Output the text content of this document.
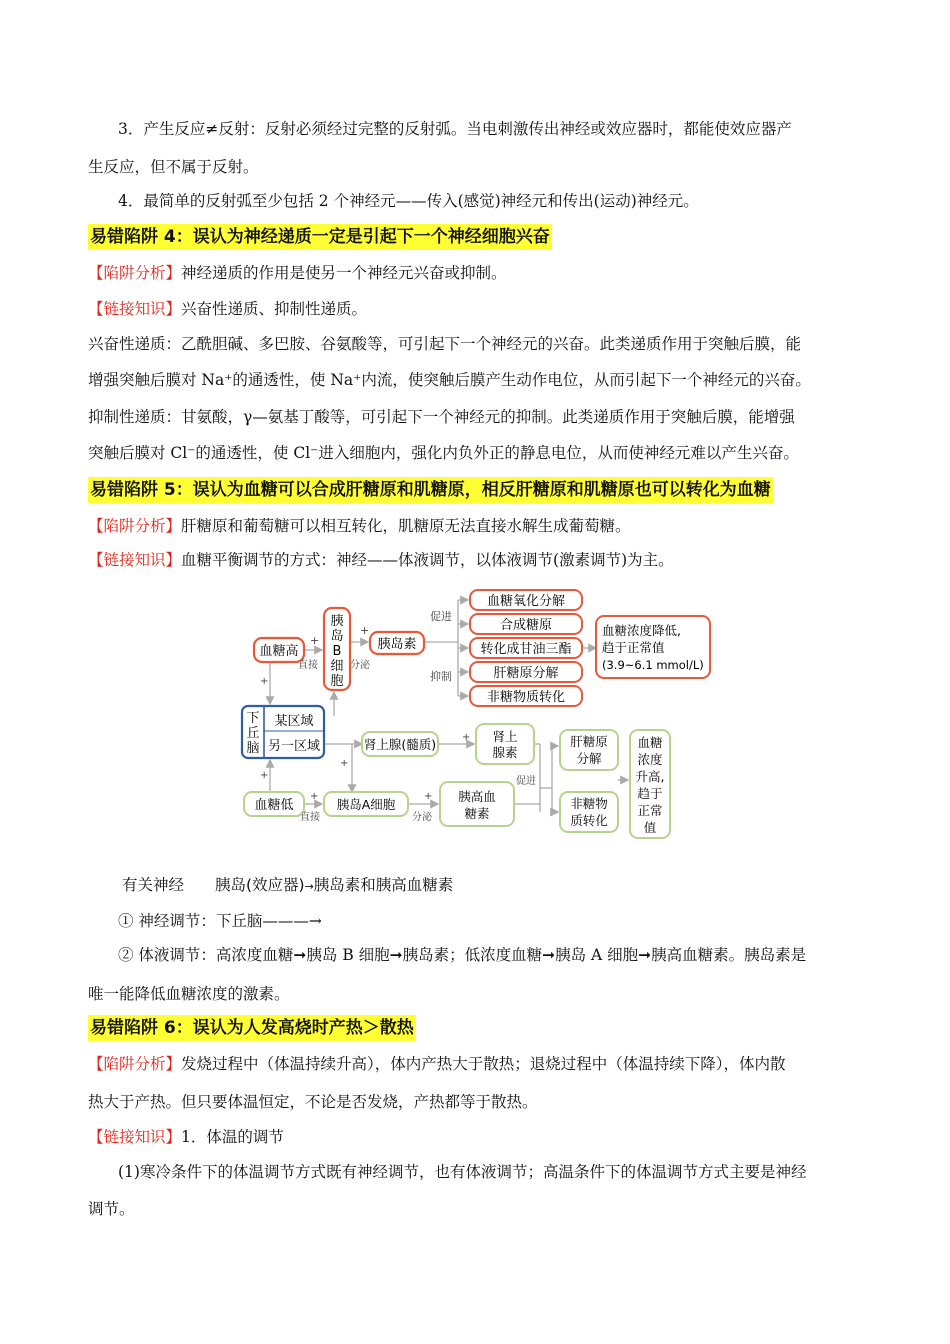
3．产生反应≠反射：反射必须经过完整的反射弧。当电刺激传出神经或效应器时，都能使效应器产
生反应，但不属于反射。
4．最简单的反射弧至少包括 2 个神经元——传入(感觉)神经元和传出(运动)神经元。
易错陷阱 4：误认为神经递质一定是引起下一个神经细胞兴奋
【陷阱分析】神经递质的作用是使另一个神经元兴奋或抑制。
【链接知识】兴奋性递质、抑制性递质。
兴奋性递质：乙酰胆碱、多巴胺、谷氨酸等，可引起下一个神经元的兴奋。此类递质作用于突触后膜，能
增强突触后膜对 Na⁺的通透性，使 Na⁺内流，使突触后膜产生动作电位，从而引起下一个神经元的兴奋。
抑制性递质：甘氨酸，γ—氨基丁酸等，可引起下一个神经元的抑制。此类递质作用于突触后膜，能增强
突触后膜对 Cl⁻的通透性，使 Cl⁻进入细胞内，强化内负外正的静息电位，从而使神经元难以产生兴奋。
易错陷阱 5：误认为血糖可以合成肝糖原和肌糖原，相反肝糖原和肌糖原也可以转化为血糖
【陷阱分析】肝糖原和葡萄糖可以相互转化，肌糖原无法直接水解生成葡萄糖。
【链接知识】血糖平衡调节的方式：神经——体液调节，以体液调节(激素调节)为主。
血糖高
胰
岛
B
细
胞
胰岛素
促进
抑制
+
直接	分泌
+
血糖氧化分解
合成糖原
转化成甘油三酯
肝糖原分解
非糖物质转化
血糖浓度降低,
趋于正常值
(3.9~6.1 mmol/L)
下
丘
脑
某区域
另一区域	肾上腺(髓质)
肾上
腺素
血糖低	胰岛A细胞
胰高血
糖素
肝糖原
分解
非糖物
质转化
血糖
浓度
升高,
趋于
正常
值
+
+
+
+
+	+
直接	分泌
促进
有关神经 胰岛(效应器)→胰岛素和胰高血糖素
① 神经调节：下丘脑———→
② 体液调节：高浓度血糖➞胰岛 B 细胞➞胰岛素；低浓度血糖➞胰岛 A 细胞➞胰高血糖素。胰岛素是
唯一能降低血糖浓度的激素。
易错陷阱 6：误认为人发高烧时产热＞散热
【陷阱分析】发烧过程中（体温持续升高），体内产热大于散热；退烧过程中（体温持续下降），体内散
热大于产热。但只要体温恒定，不论是否发烧，产热都等于散热。
【链接知识】1．体温的调节
(1)寒冷条件下的体温调节方式既有神经调节，也有体液调节；高温条件下的体温调节方式主要是神经
调节。
